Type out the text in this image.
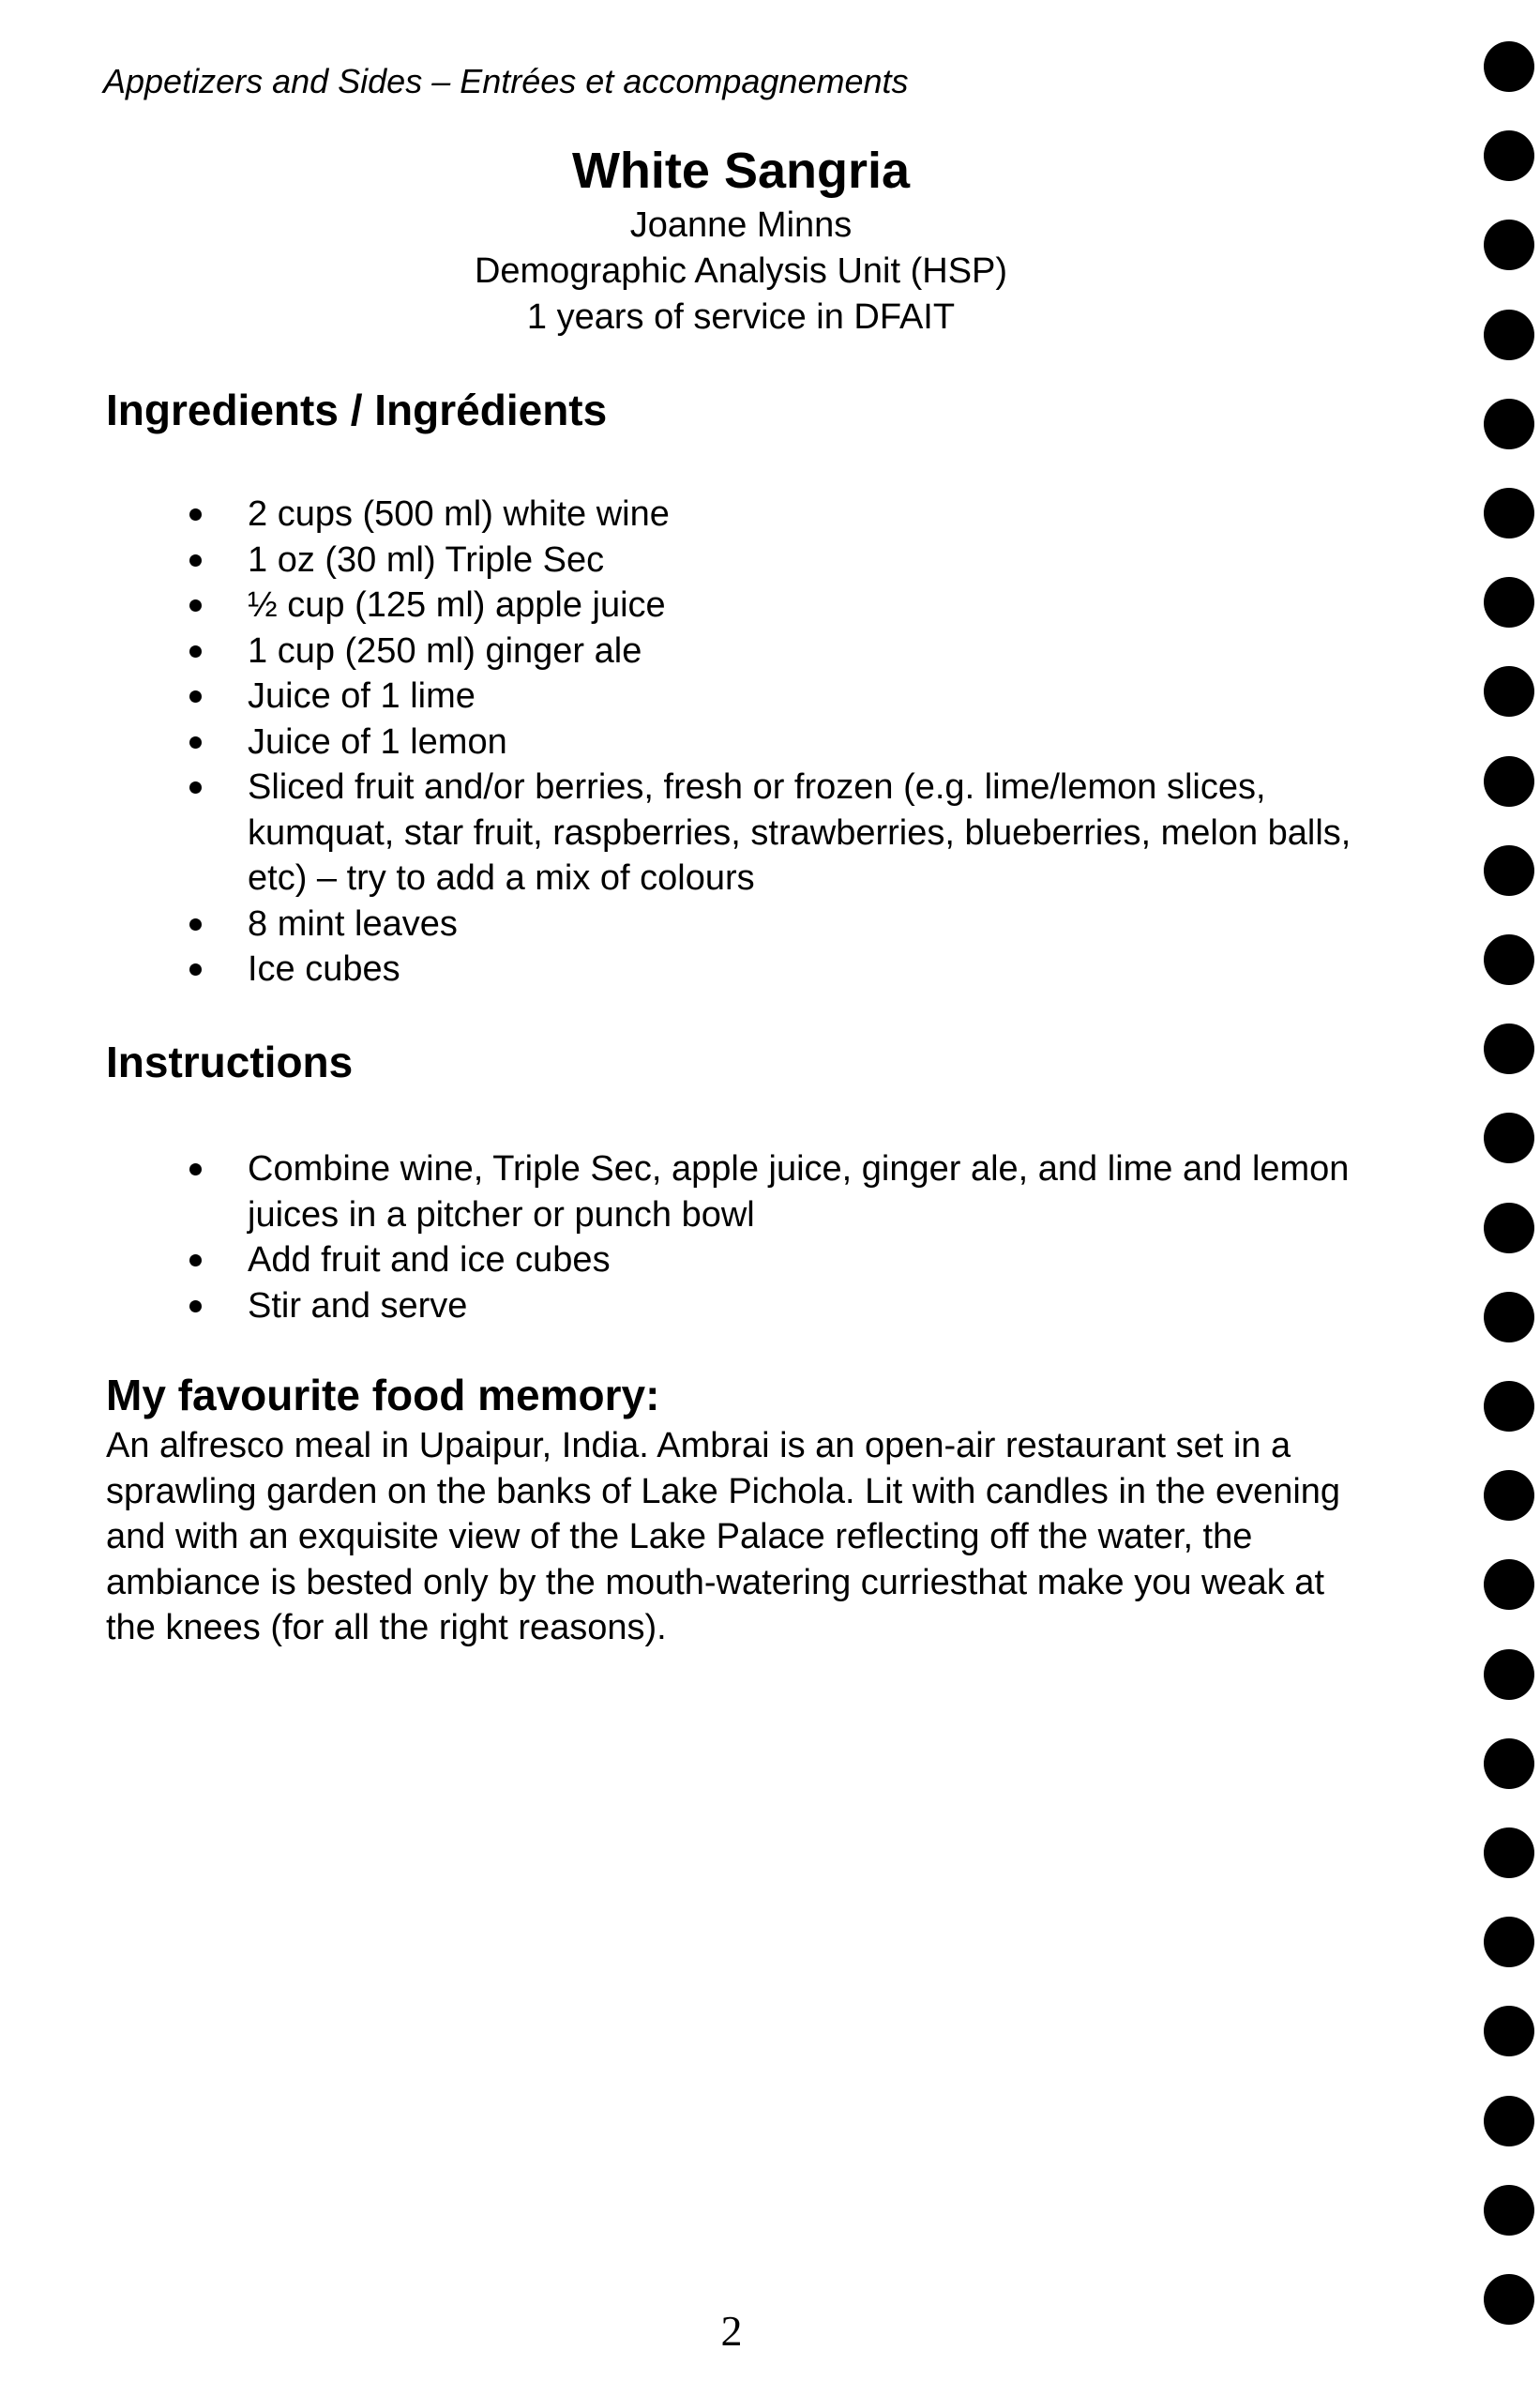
Appetizers and Sides – Entrées et accompagnements

White Sangria
Joanne Minns
Demographic Analysis Unit (HSP)
1 years of service in DFAIT
Ingredients / Ingrédients
2 cups (500 ml) white wine
1 oz (30 ml) Triple Sec
½ cup (125 ml) apple juice
1 cup (250 ml) ginger ale
Juice of 1 lime
Juice of 1 lemon
Sliced fruit and/or berries, fresh or frozen (e.g. lime/lemon slices, kumquat, star fruit, raspberries, strawberries, blueberries, melon balls, etc) – try to add a mix of colours
8 mint leaves
Ice cubes
Instructions
Combine wine, Triple Sec, apple juice, ginger ale, and lime and lemon juices in a pitcher or punch bowl
Add fruit and ice cubes
Stir and serve
My favourite food memory:

An alfresco meal in Upaipur, India. Ambrai is an open-air restaurant set in a sprawling garden on the banks of Lake Pichola. Lit with candles in the evening and with an exquisite view of the Lake Palace reflecting off the water, the ambiance is bested only by the mouth-watering curriesthat make you weak at the knees (for all the right reasons).

2
